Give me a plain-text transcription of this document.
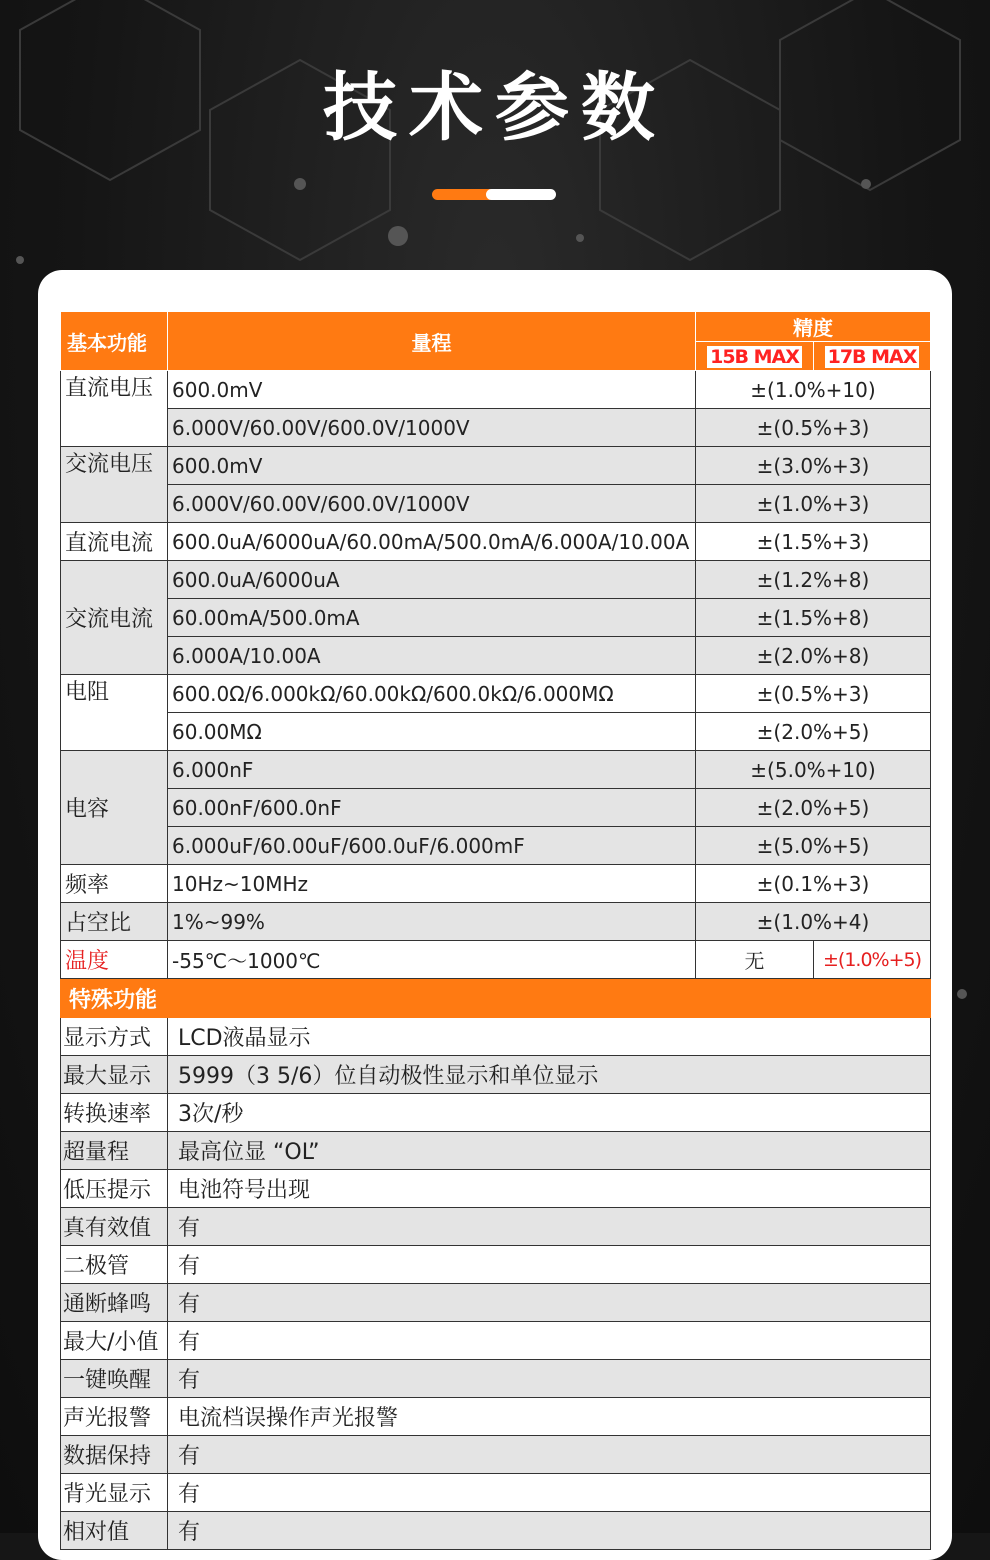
技术参数
基本功能	量程	精度	
		15B MAX	17B MAX
直流电压	600.0mV	±(1.0%+10)	
	6.000V/60.00V/600.0V/1000V	±(0.5%+3)	
交流电压	600.0mV	±(3.0%+3)	
	6.000V/60.00V/600.0V/1000V	±(1.0%+3)	
直流电流	600.0uA/6000uA/60.00mA/500.0mA/6.000A/10.00A	±(1.5%+3)	
交流电流	600.0uA/6000uA	±(1.2%+8)	
	60.00mA/500.0mA	±(1.5%+8)	
	6.000A/10.00A	±(2.0%+8)	
电阻	600.0Ω/6.000kΩ/60.00kΩ/600.0kΩ/6.000MΩ	±(0.5%+3)	
	60.00MΩ	±(2.0%+5)	
电容	6.000nF	±(5.0%+10)	
	60.00nF/600.0nF	±(2.0%+5)	
	6.000uF/60.00uF/600.0uF/6.000mF	±(5.0%+5)	
频率	10Hz~10MHz	±(0.1%+3)	
占空比	1%~99%	±(1.0%+4)	
温度	-55℃～1000℃	无	±(1.0%+5)
特殊功能			
显示方式	LCD液晶显示		
最大显示	5999（3 5/6）位自动极性显示和单位显示		
转换速率	3次/秒		
超量程	最高位显 “OL”		
低压提示	电池符号出现		
真有效值	有		
二极管	有		
通断蜂鸣	有		
最大/小值	有		
一键唤醒	有		
声光报警	电流档误操作声光报警		
数据保持	有		
背光显示	有		
相对值	有		
